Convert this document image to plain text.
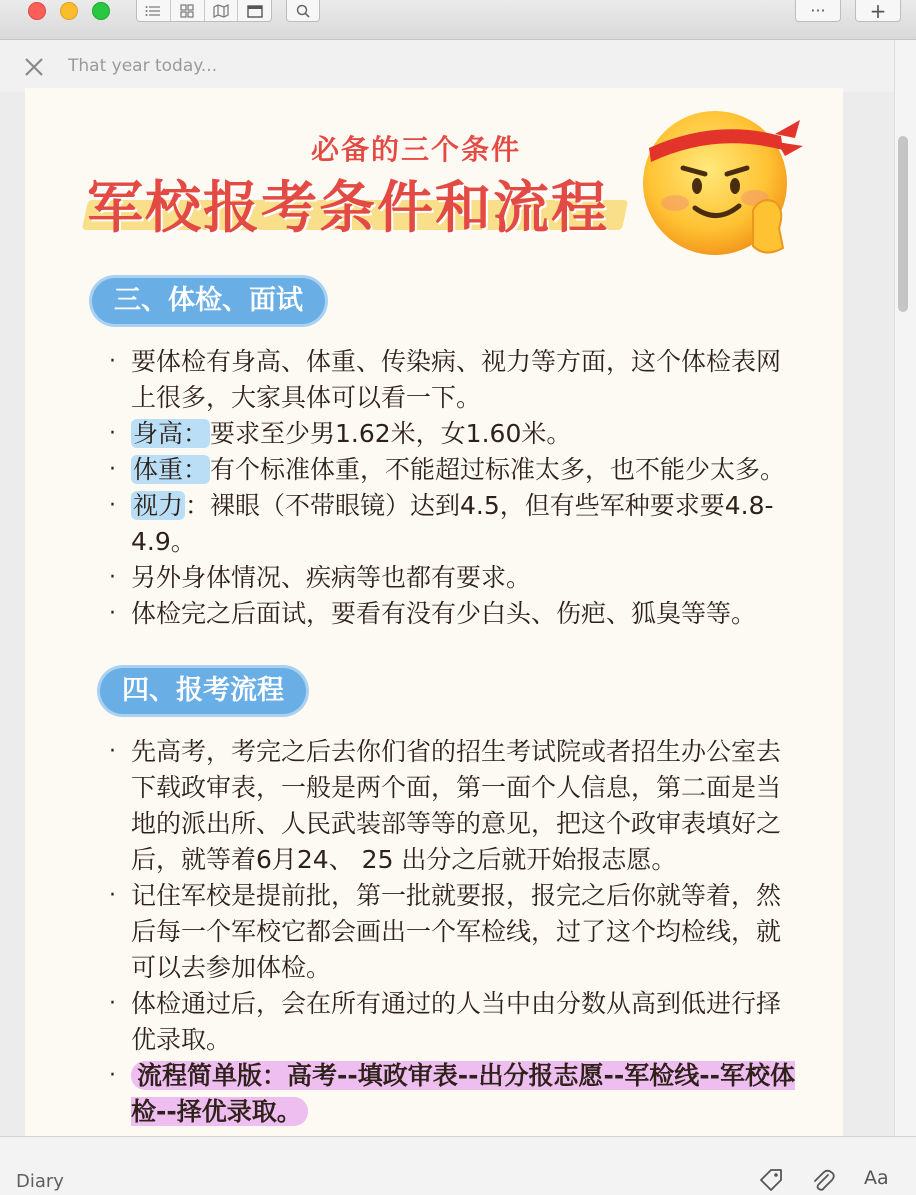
···	+
That year today...
必备的三个条件
军校报考条件和流程
三、体检、面试
· 要体检有身高、体重、传染病、视力等方面，这个体检表网上很多，大家具体可以看一下。
· 身高：要求至少男1.62米，女1.60米。
· 体重：有个标准体重，不能超过标准太多，也不能少太多。
· 视力：裸眼（不带眼镜）达到4.5，但有些军种要求要4.8-4.9。
· 另外身体情况、疾病等也都有要求。
· 体检完之后面试，要看有没有少白头、伤疤、狐臭等等。
四、报考流程
· 先高考，考完之后去你们省的招生考试院或者招生办公室去下载政审表，一般是两个面，第一面个人信息，第二面是当地的派出所、人民武装部等等的意见，把这个政审表填好之后，就等着6月24、 25 出分之后就开始报志愿。
· 记住军校是提前批，第一批就要报，报完之后你就等着，然后每一个军校它都会画出一个军检线，过了这个均检线，就可以去参加体检。
· 体检通过后，会在所有通过的人当中由分数从高到低进行择优录取。
· 流程简单版：高考--填政审表--出分报志愿--军检线--军校体检--择优录取。
Diary	Aa
